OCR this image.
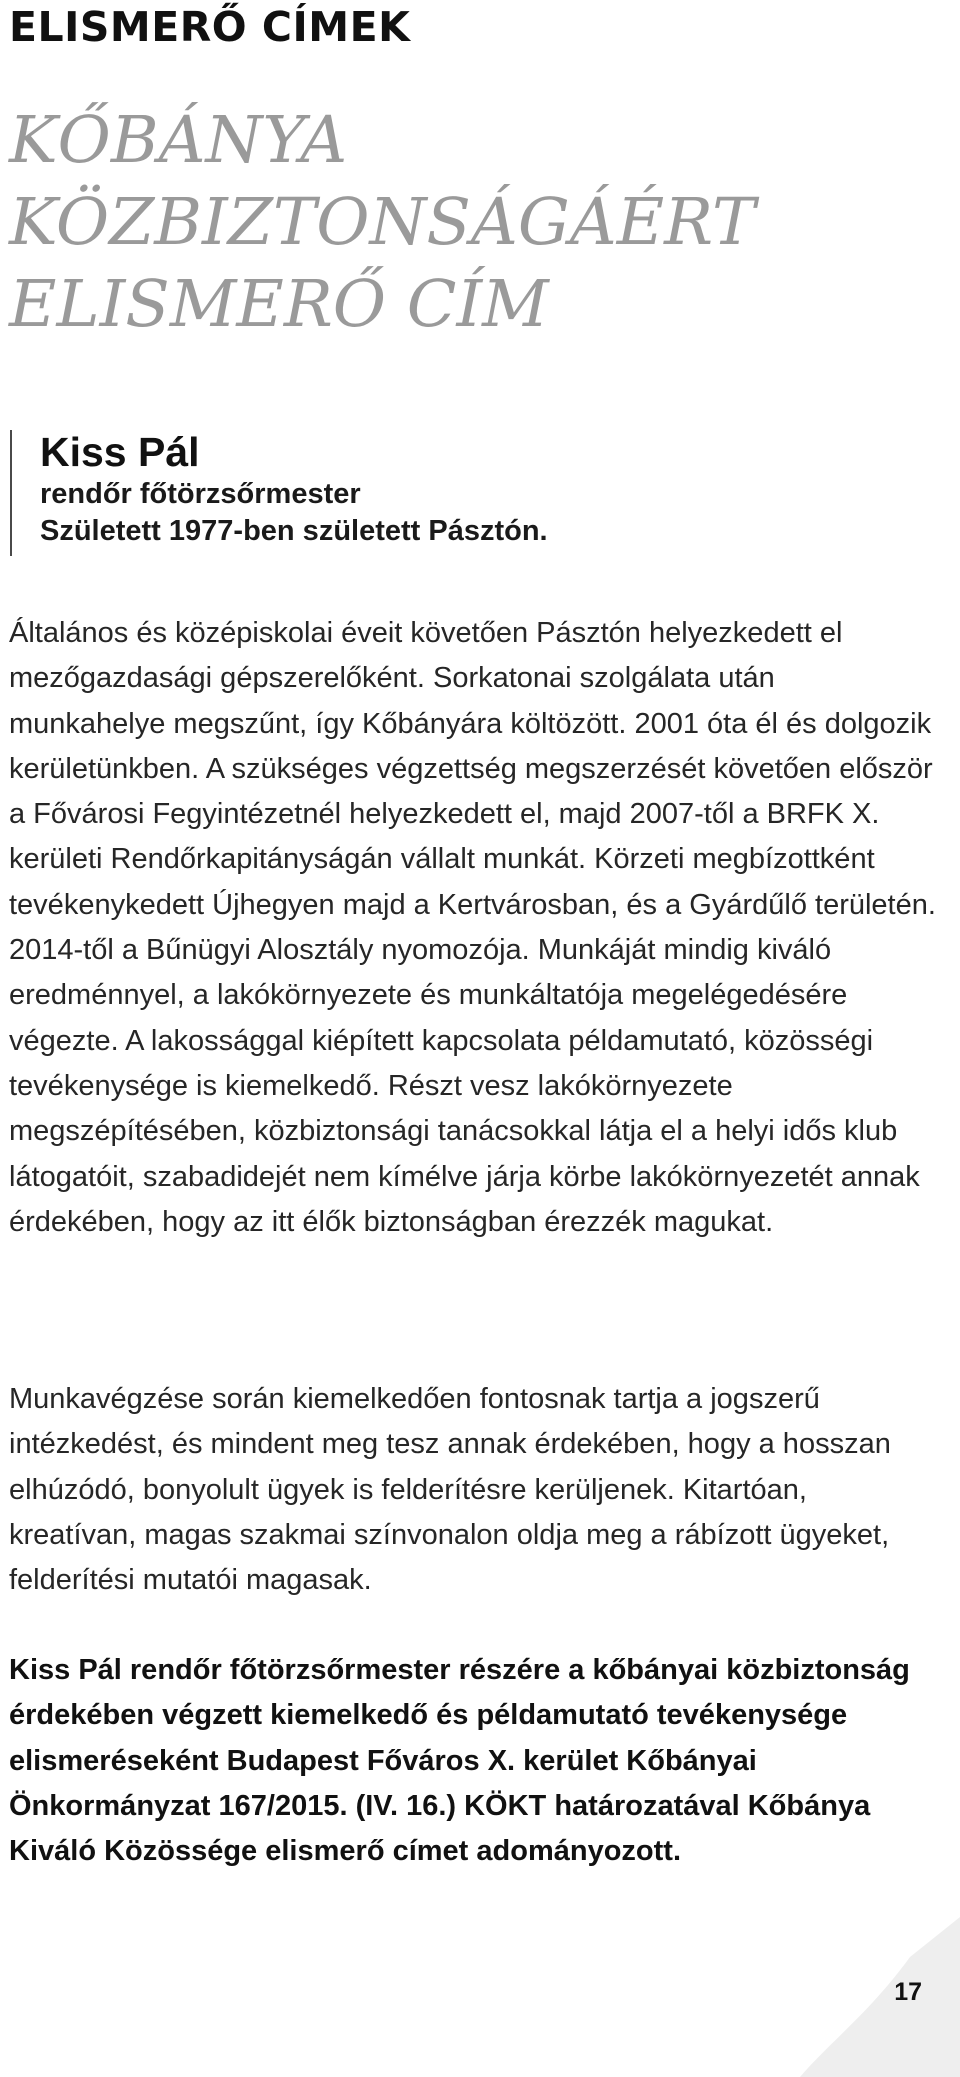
ELISMERŐ CÍMEK
KŐBÁNYA
KÖZBIZTONSÁGÁÉRT
ELISMERŐ CÍM

Kiss Pál

rendőr főtörzsőrmester

Született 1977-ben született Pásztón.

Általános és középiskolai éveit követően Pásztón helyezkedett el mezőgazdasági gépszerelőként. Sorkatonai szolgálata után munkahelye megszűnt, így Kőbányára költözött. 2001 óta él és dolgozik kerületünkben. A szükséges végzettség megszerzését követően először a Fővárosi Fegyintézetnél helyezkedett el, majd 2007-től a BRFK X. kerületi Rendőrkapitányságán vállalt munkát. Körzeti megbízottként tevékenykedett Újhegyen majd a Kertvárosban, és a Gyárdűlő területén. 2014-től a Bűnügyi Alosztály nyomozója. Munkáját mindig kiváló eredménnyel, a lakókörnyezete és munkáltatója megelégedésére végezte. A lakossággal kiépített kapcsolata példamutató, közösségi tevékenysége is kiemelkedő. Részt vesz lakókörnyezete megszépítésében, közbiztonsági tanácsokkal látja el a helyi idős klub látogatóit, szabadidejét nem kímélve járja körbe lakókörnyezetét annak érdekében, hogy az itt élők biztonságban érezzék magukat.

Munkavégzése során kiemelkedően fontosnak tartja a jogszerű intézkedést, és mindent meg tesz annak érdekében, hogy a hosszan elhúzódó, bonyolult ügyek is felderítésre kerüljenek. Kitartóan, kreatívan, magas szakmai színvonalon oldja meg a rábízott ügyeket, felderítési mutatói magasak.

Kiss Pál rendőr főtörzsőrmester részére a kőbányai közbiztonság érdekében végzett kiemelkedő és példamutató tevékenysége elismeréseként Budapest Főváros X. kerület Kőbányai Önkormányzat 167/2015. (IV. 16.) KÖKT határozatával Kőbánya Kiváló Közössége elismerő címet adományozott.

17
